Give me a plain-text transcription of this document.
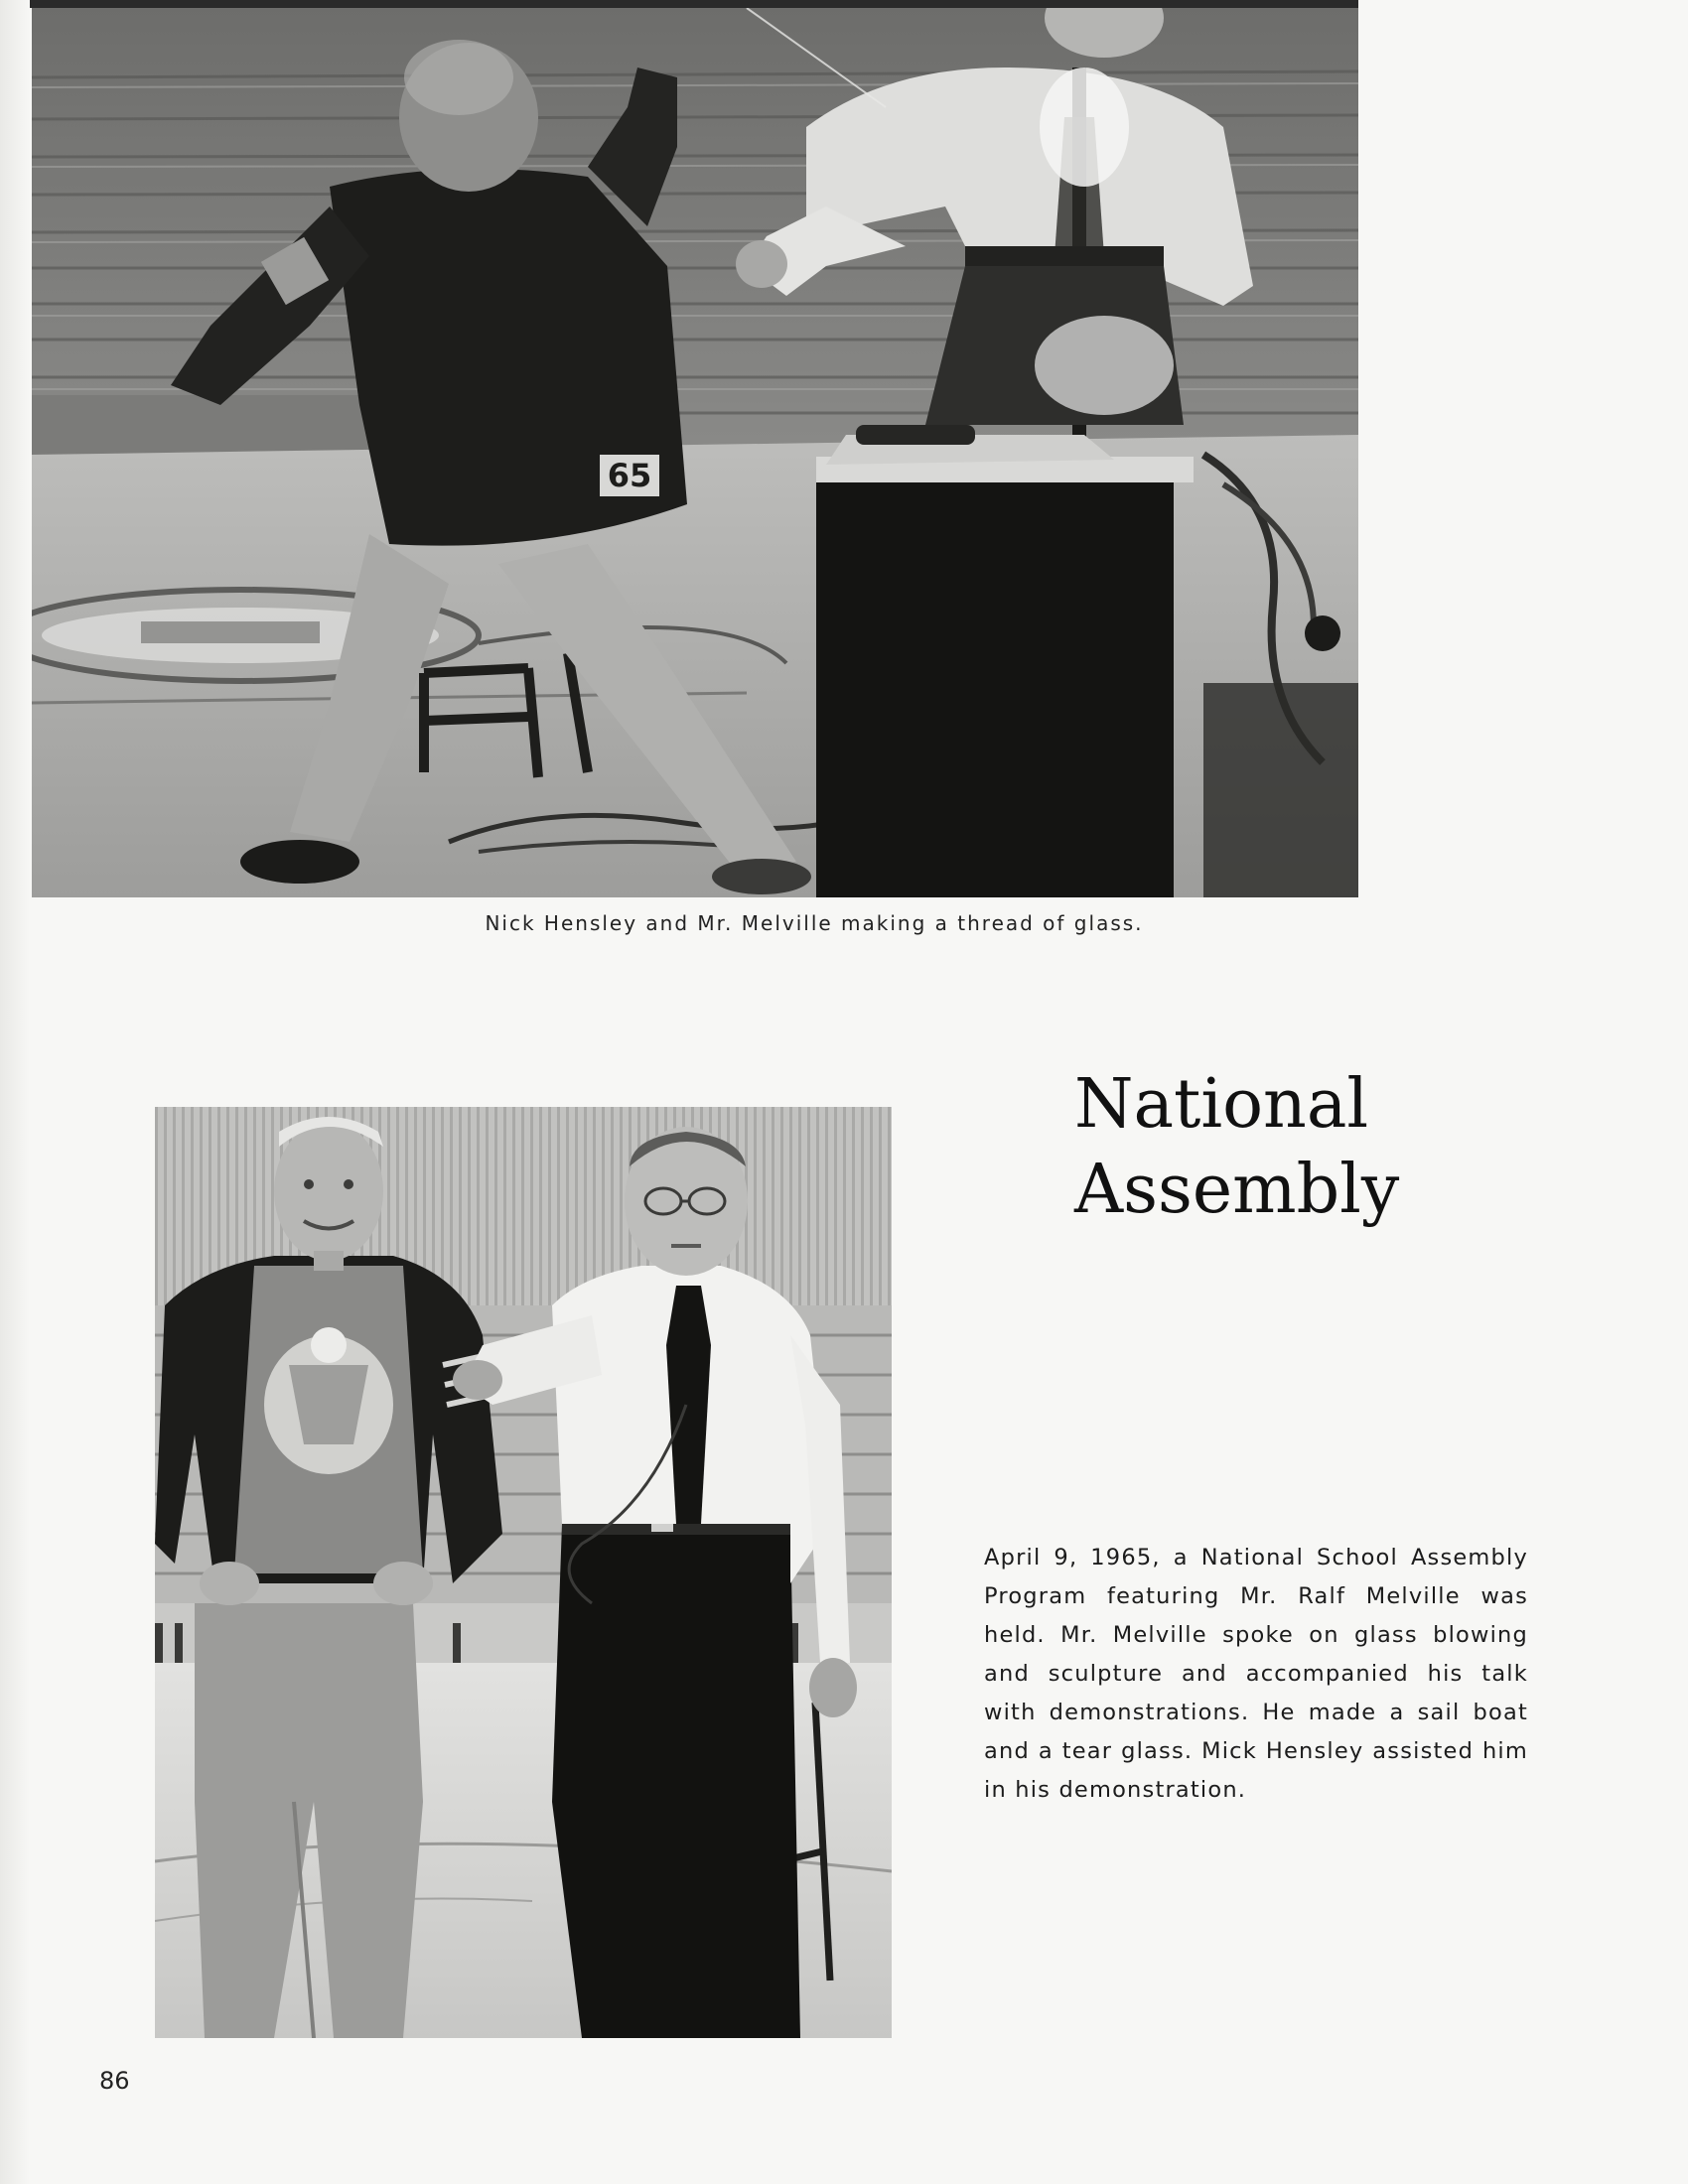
65
Nick Hensley and Mr. Melville making a thread of glass.
National
Assembly

April 9, 1965, a National School Assembly Program featuring Mr. Ralf Melville was held. Mr. Melville spoke on glass blowing and sculpture and accompanied his talk with demonstrations. He made a sail boat and a tear glass. Mick Hensley assisted him in his demonstration.

86
